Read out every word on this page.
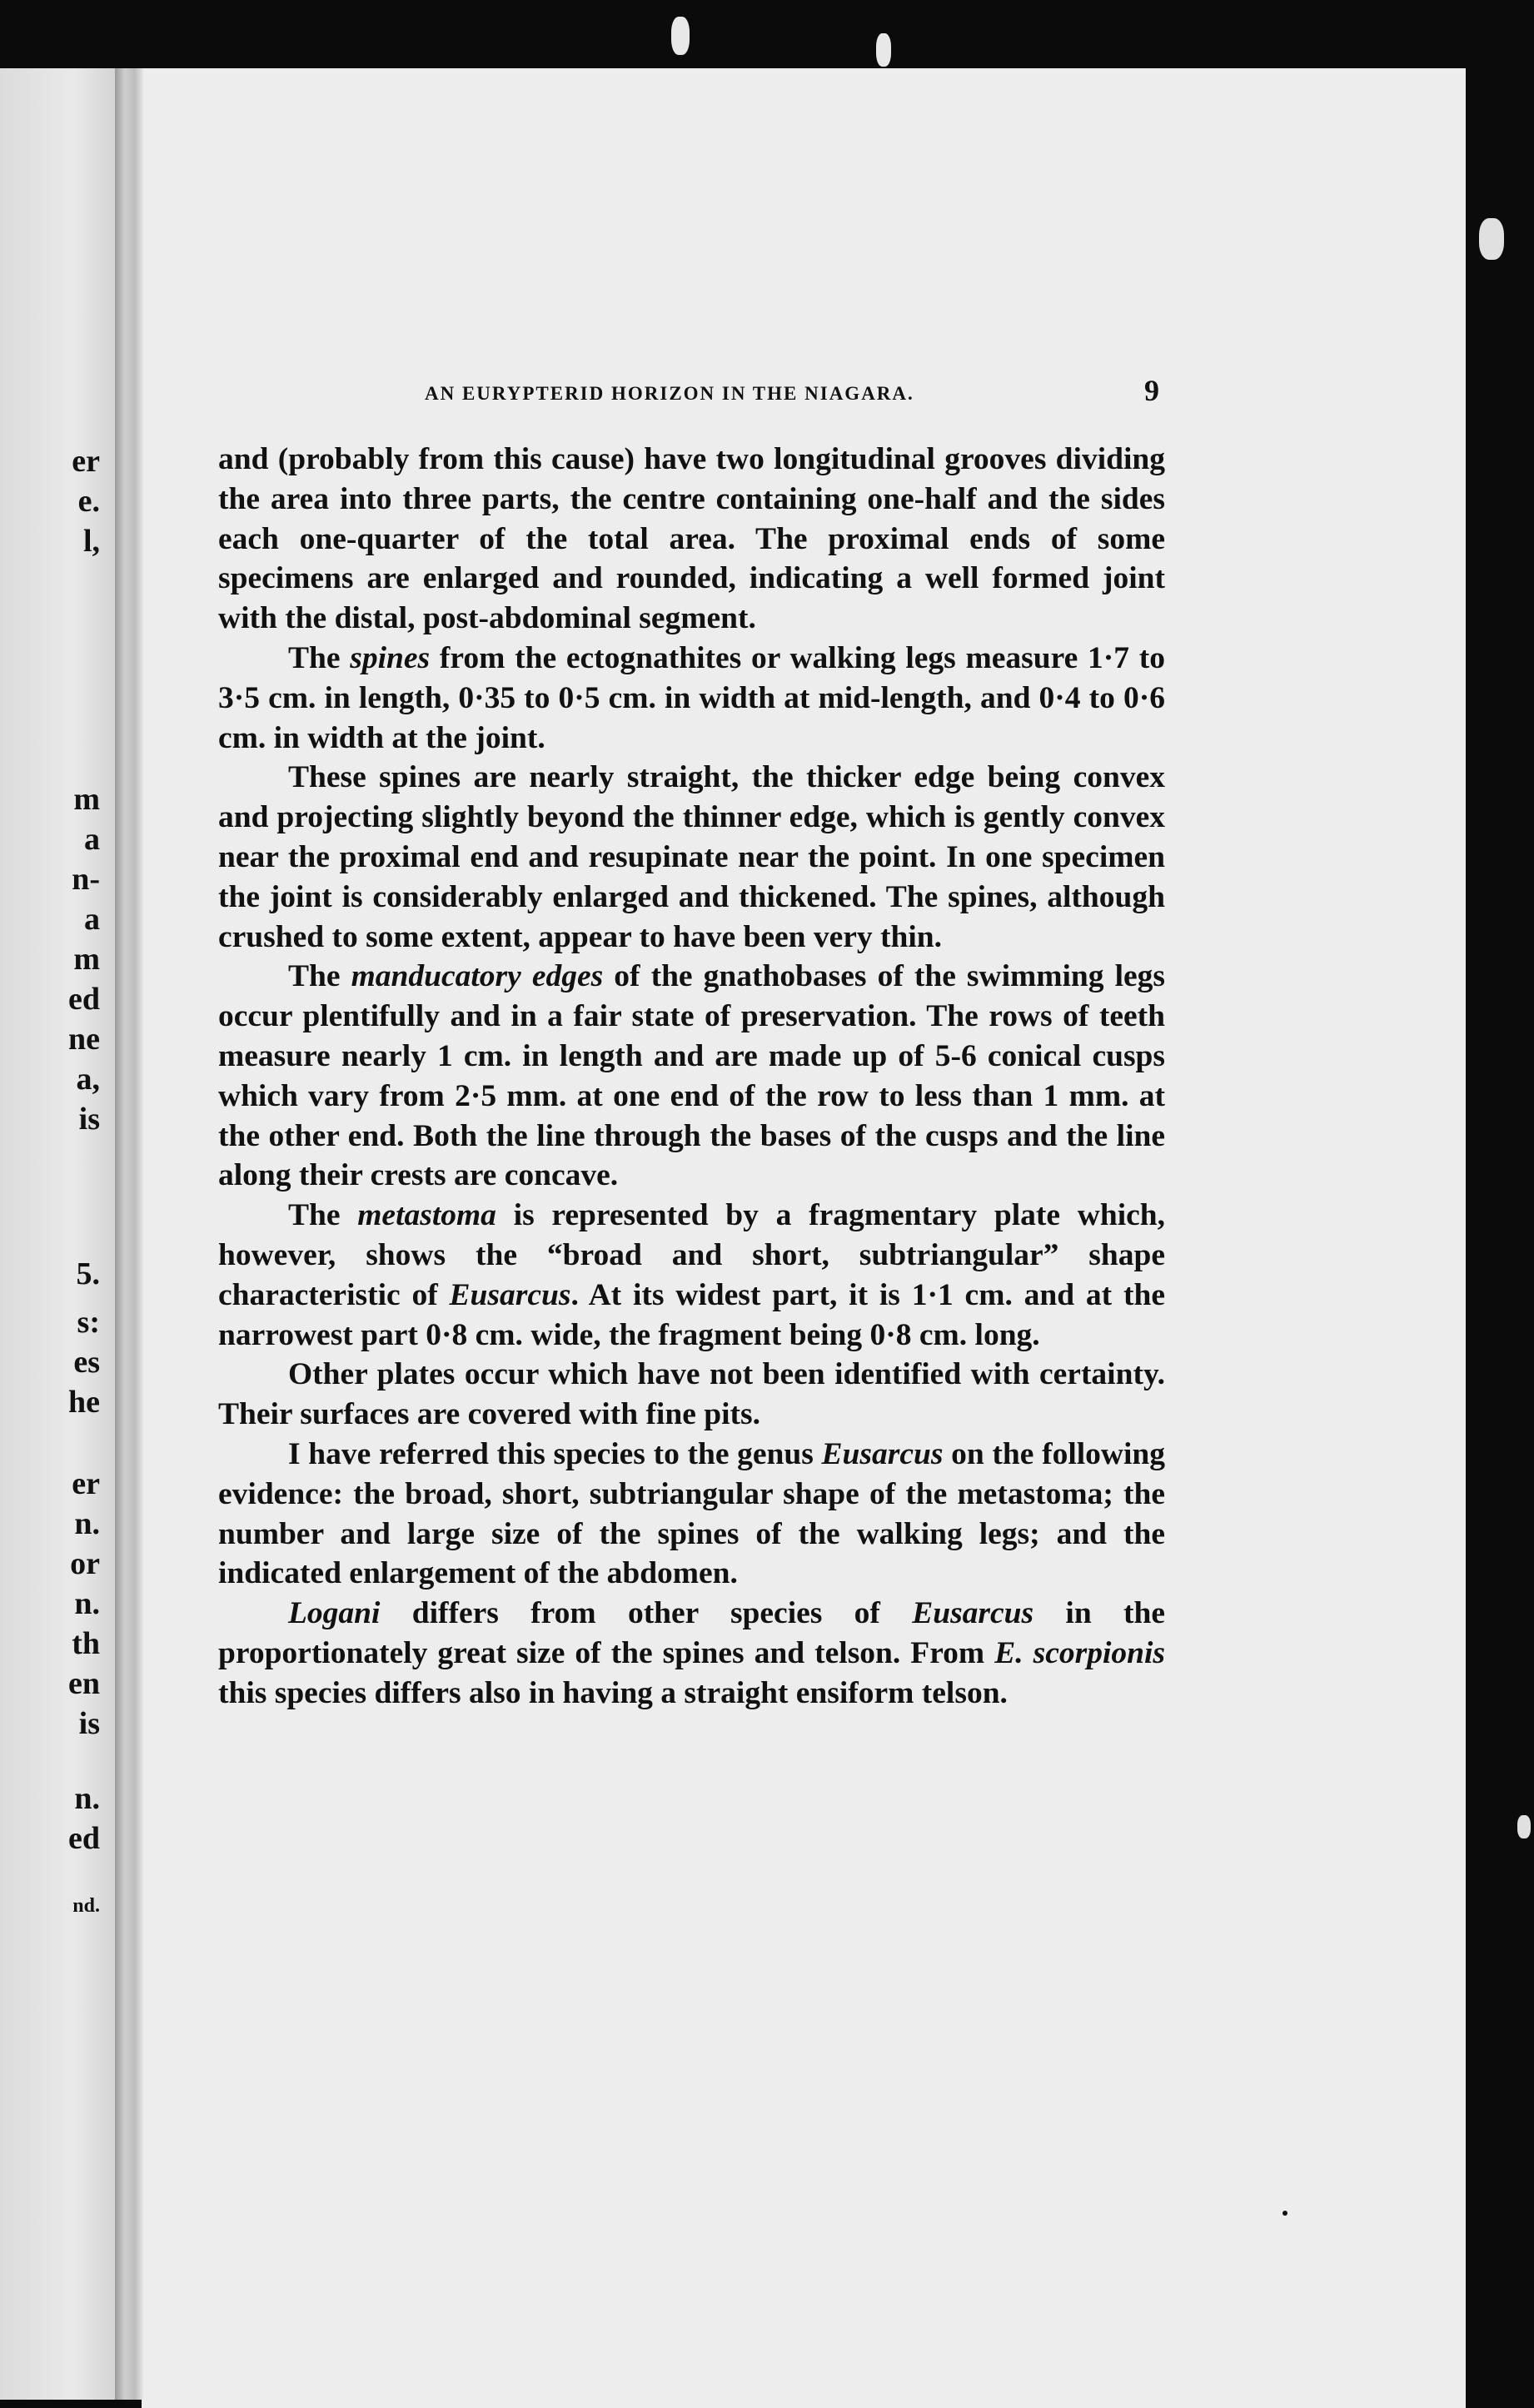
er
e.
l,
m
a
n-
a
m
ed
ne
a,
is
5.
s:
es
he
er
n.
or
n.
th
en
is
n.
ed
nd.
AN EURYPTERID HORIZON IN THE NIAGARA.	9

and (probably from this cause) have two longitudinal grooves dividing the area into three parts, the centre containing one-half and the sides each one-quarter of the total area. The proximal ends of some specimens are enlarged and rounded, indicating a well formed joint with the distal, post-abdominal segment.

The spines from the ectognathites or walking legs measure 1·7 to 3·5 cm. in length, 0·35 to 0·5 cm. in width at mid-length, and 0·4 to 0·6 cm. in width at the joint.

These spines are nearly straight, the thicker edge being convex and projecting slightly beyond the thinner edge, which is gently convex near the proximal end and resupinate near the point. In one specimen the joint is considerably enlarged and thickened. The spines, although crushed to some extent, appear to have been very thin.

The manducatory edges of the gnathobases of the swimming legs occur plentifully and in a fair state of preservation. The rows of teeth measure nearly 1 cm. in length and are made up of 5-6 conical cusps which vary from 2·5 mm. at one end of the row to less than 1 mm. at the other end. Both the line through the bases of the cusps and the line along their crests are concave.

The metastoma is represented by a fragmentary plate which, however, shows the “broad and short, subtriangular” shape characteristic of Eusarcus. At its widest part, it is 1·1 cm. and at the narrowest part 0·8 cm. wide, the fragment being 0·8 cm. long.

Other plates occur which have not been identified with certainty. Their surfaces are covered with fine pits.

I have referred this species to the genus Eusarcus on the following evidence: the broad, short, subtriangular shape of the metastoma; the number and large size of the spines of the walking legs; and the indicated enlargement of the abdomen.

Logani differs from other species of Eusarcus in the proportionately great size of the spines and telson. From E. scorpionis this species differs also in having a straight ensiform telson.
